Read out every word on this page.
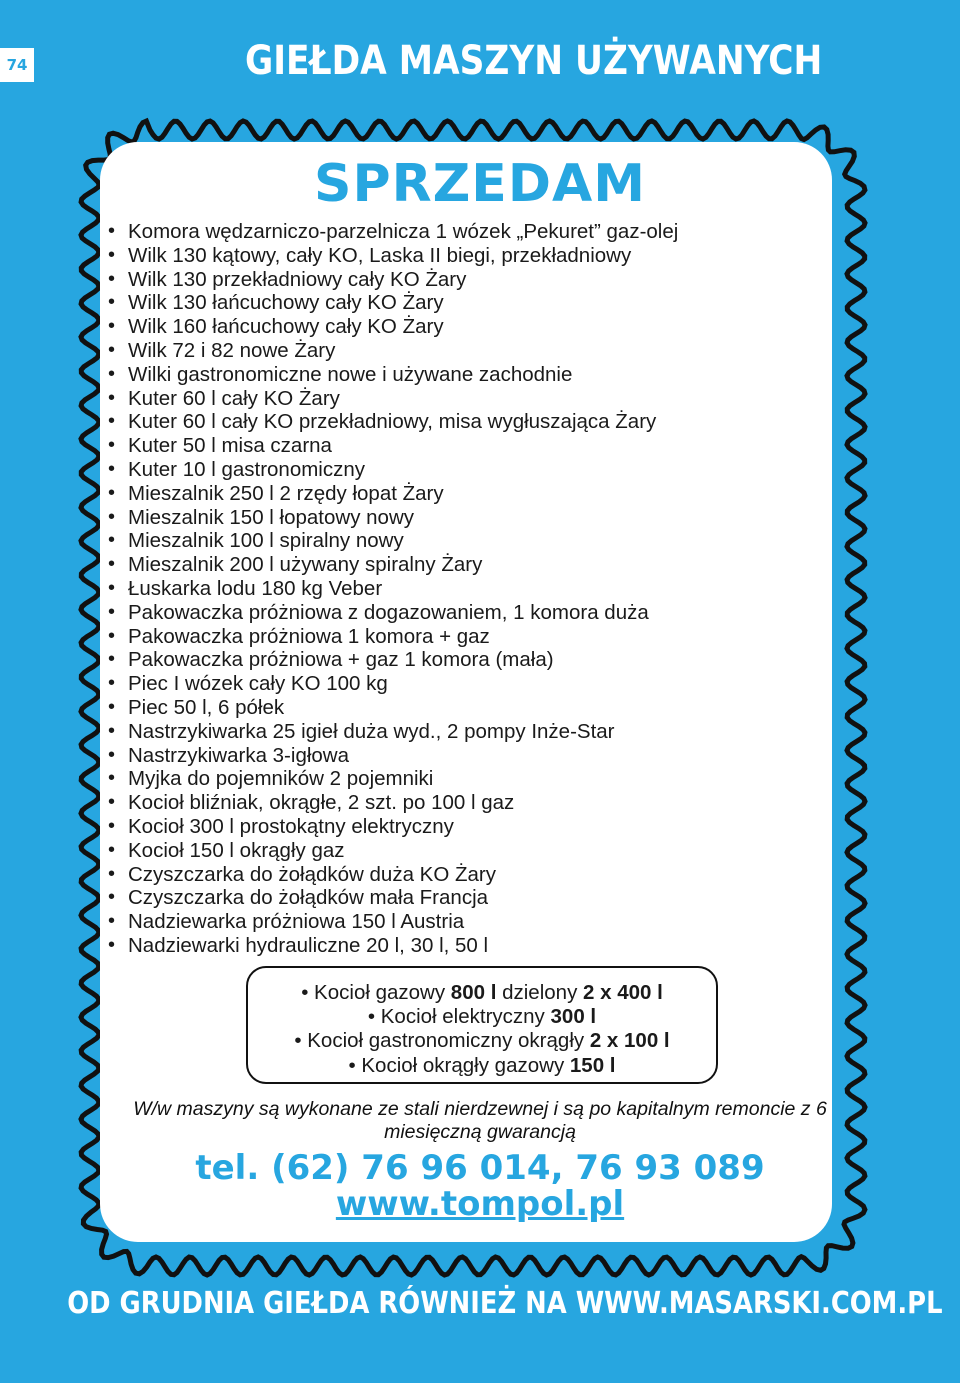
74	GIEŁDA MASZYN UŻYWANYCH
SPRZEDAM
• Komora wędzarniczo-parzelnicza 1 wózek „Pekuret” gaz-olej
• Wilk 130 kątowy, cały KO, Laska II biegi, przekładniowy
• Wilk 130 przekładniowy cały KO Żary
• Wilk 130 łańcuchowy cały KO Żary
• Wilk 160 łańcuchowy cały KO Żary
• Wilk 72 i 82 nowe Żary
• Wilki gastronomiczne nowe i używane zachodnie
• Kuter 60 l cały KO Żary
• Kuter 60 l cały KO przekładniowy, misa wygłuszająca Żary
• Kuter 50 l misa czarna
• Kuter 10 l gastronomiczny
• Mieszalnik 250 l 2 rzędy łopat Żary
• Mieszalnik 150 l łopatowy nowy
• Mieszalnik 100 l spiralny nowy
• Mieszalnik 200 l używany spiralny Żary
• Łuskarka lodu 180 kg Veber
• Pakowaczka próżniowa z dogazowaniem, 1 komora duża
• Pakowaczka próżniowa 1 komora + gaz
• Pakowaczka próżniowa + gaz 1 komora (mała)
• Piec I wózek cały KO 100 kg
• Piec 50 l, 6 półek
• Nastrzykiwarka 25 igieł duża wyd., 2 pompy Inże-Star
• Nastrzykiwarka 3-igłowa
• Myjka do pojemników 2 pojemniki
• Kocioł bliźniak, okrągłe, 2 szt. po 100 l gaz
• Kocioł 300 l prostokątny elektryczny
• Kocioł 150 l okrągły gaz
• Czyszczarka do żołądków duża KO Żary
• Czyszczarka do żołądków mała Francja
• Nadziewarka próżniowa 150 l Austria
• Nadziewarki hydrauliczne 20 l, 30 l, 50 l
• Kocioł gazowy 800 l dzielony 2 x 400 l
• Kocioł elektryczny 300 l
• Kocioł gastronomiczny okrągły 2 x 100 l
• Kocioł okrągły gazowy 150 l
W/w maszyny są wykonane ze stali nierdzewnej i są po kapitalnym remoncie z 6 miesięczną gwarancją
tel. (62) 76 96 014, 76 93 089
www.tompol.pl
OD GRUDNIA GIEŁDA RÓWNIEŻ NA WWW.MASARSKI.COM.PL
